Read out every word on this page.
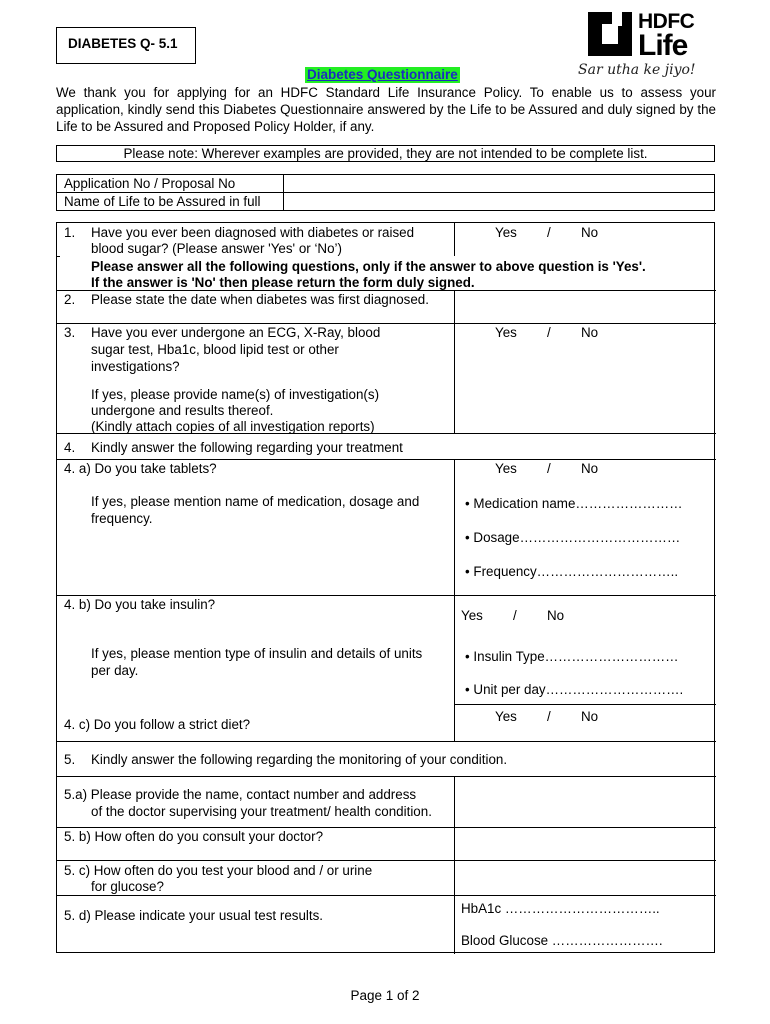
DIABETES Q- 5.1
HDFC
Life
Sar utha ke jiyo!
Diabetes Questionnaire
We thank you for applying for an HDFC Standard Life Insurance Policy. To enable us to assess your application, kindly send this Diabetes Questionnaire answered by the Life to be Assured and duly signed by the Life to be Assured and Proposed Policy Holder, if any.
Please note: Wherever examples are provided, they are not intended to be complete list.
Application No / Proposal No	
Name of Life to be Assured in full	
1. Have you ever been diagnosed with diabetes or raised
blood sugar? (Please answer 'Yes' or ‘No’)
Yes / No
Please answer all the following questions, only if the answer to above question is 'Yes'.
If the answer is 'No' then please return the form duly signed.
2. Please state the date when diabetes was first diagnosed.
3. Have you ever undergone an ECG, X-Ray, blood
sugar test, Hba1c, blood lipid test or other
investigations?
If yes, please provide name(s) of investigation(s)
undergone and results thereof.
(Kindly attach copies of all investigation reports)
Yes / No
4. Kindly answer the following regarding your treatment
4. a) Do you take tablets?
If yes, please mention name of medication, dosage and
frequency.
Yes / No
• Medication name……………………
• Dosage………………………………
• Frequency…………………………..
4. b) Do you take insulin?
If yes, please mention type of insulin and details of units
per day.
Yes / No
• Insulin Type…………………………
• Unit per day………………………….
4. c) Do you follow a strict diet?
Yes / No
5. Kindly answer the following regarding the monitoring of your condition.
5.a) Please provide the name, contact number and address
of the doctor supervising your treatment/ health condition.
5. b) How often do you consult your doctor?
5. c) How often do you test your blood and / or urine
for glucose?
5. d) Please indicate your usual test results.	HbA1c ……………………………..
Blood Glucose …………………….
Page 1 of 2
